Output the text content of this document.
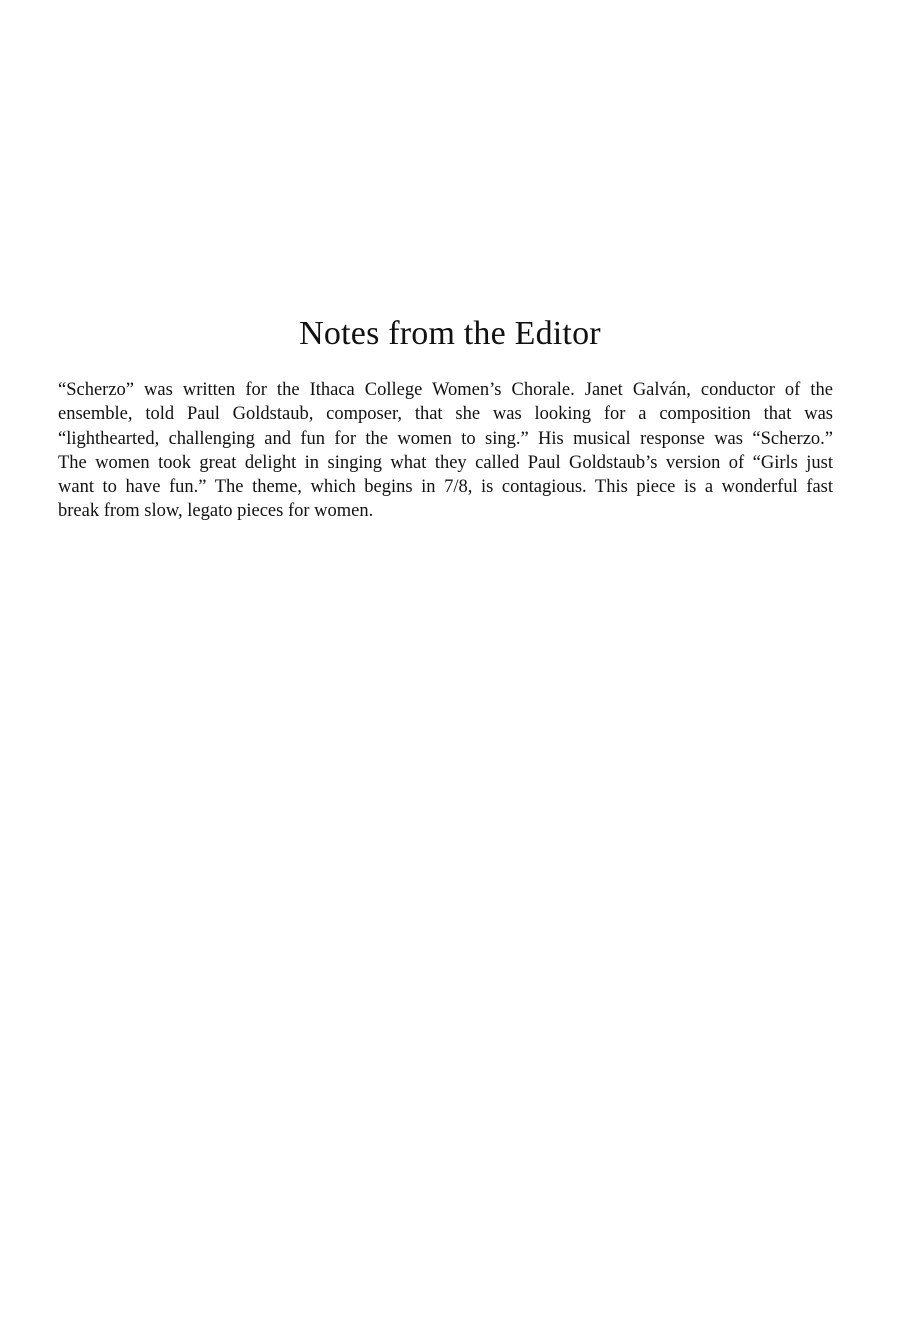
Notes from the Editor

“Scherzo” was written for the Ithaca College Women’s Chorale. Janet Galván, conductor of the
ensemble, told Paul Goldstaub, composer, that she was looking for a composition that was
“lighthearted, challenging and fun for the women to sing.” His musical response was “Scherzo.”
The women took great delight in singing what they called Paul Goldstaub’s version of “Girls just
want to have fun.” The theme, which begins in 7/8, is contagious. This piece is a wonderful fast
break from slow, legato pieces for women.
